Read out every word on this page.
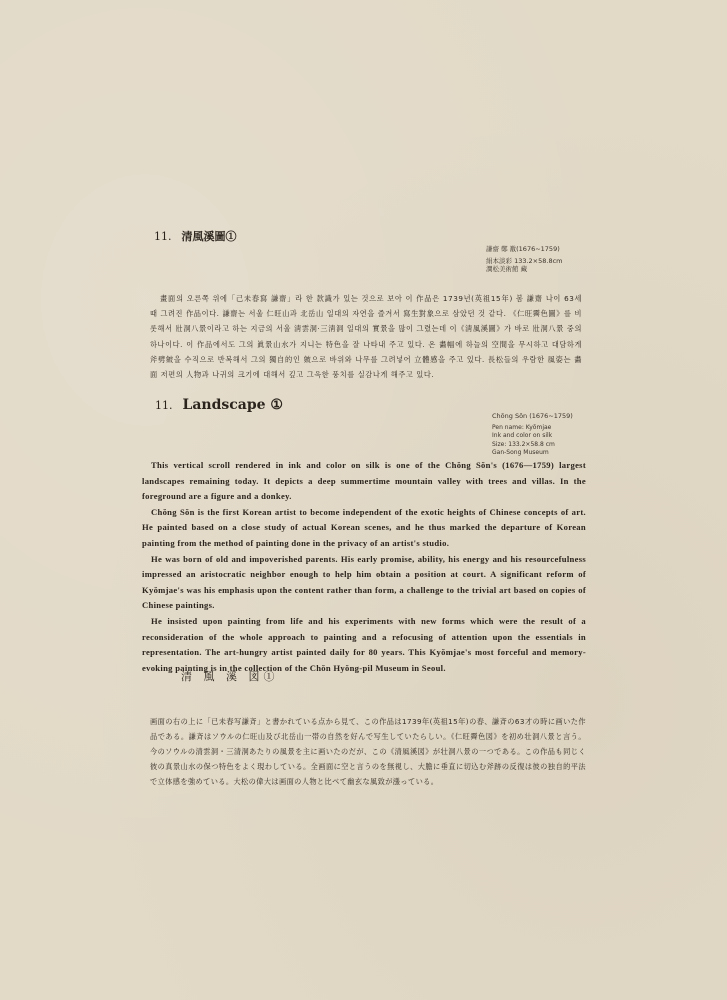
11. 清風溪圖①
謙齋 鄭 敾(1676~1759)
絹本淡彩 133.2×58.8cm
澗松美術館 藏
畫面의 오른쪽 위에「己未春寫 謙齋」라 한 款識가 있는 것으로 보아 이 作品은 1739년(英祖15年) 봄 謙齋 나이 63세 때 그려진 作品이다. 謙齋는 서울 仁旺山과 北岳山 일대의 자연을 즐겨서 寫生對象으로 삼았던 것 같다. 《仁旺霽色圖》를 비롯해서 壯洞八景이라고 하는 지금의 서울 淸雲洞·三淸洞 일대의 實景을 많이 그렸는데 이《淸風溪圖》가 바로 壯洞八景 중의 하나이다. 이 作品에서도 그의 眞景山水가 지니는 特色을 잘 나타내 주고 있다. 온 畵幅에 하늘의 空間을 무시하고 대담하게 斧劈皴을 수직으로 반복해서 그의 獨自的인 皴으로 바위와 나무를 그려넣어 立體感을 주고 있다. 長松들의 우람한 風姿는 畵面 저편의 人物과 나귀의 크기에 대해서 깊고 그윽한 풍치를 실감나게 해주고 있다.
11. Landscape ①
Chŏng Sŏn (1676~1759)
Pen name: Kyŏmjae
Ink and color on silk
Size: 133.2×58.8 cm
Gan-Song Museum

This vertical scroll rendered in ink and color on silk is one of the Chŏng Sŏn's (1676—1759) largest landscapes remaining today. It depicts a deep summertime mountain valley with trees and villas. In the foreground are a figure and a donkey.

Chŏng Sŏn is the first Korean artist to become independent of the exotic heights of Chinese concepts of art. He painted based on a close study of actual Korean scenes, and he thus marked the departure of Korean painting from the method of painting done in the privacy of an artist's studio.

He was born of old and impoverished parents. His early promise, ability, his energy and his resourcefulness impressed an aristocratic neighbor enough to help him obtain a position at court. A significant reform of Kyŏmjae's was his emphasis upon the content rather than form, a challenge to the trivial art based on copies of Chinese paintings.

He insisted upon painting from life and his experiments with new forms which were the result of a reconsideration of the whole approach to painting and a refocusing of attention upon the essentials in representation. The art-hungry artist painted daily for 80 years. This Kyŏmjae's most forceful and memory-evoking painting is in the collection of the Chŏn Hyŏng-pil Museum in Seoul.

清 風 溪 図①
画面の右の上に「已未春写謙斉」と書かれている点から見て、この作品は1739年(英祖15年)の春、謙斉の63才の時に画いた作品である。謙斉はソウルの仁旺山及び北岳山一帯の自然を好んで写生していたらしい。《仁旺霽色図》を初め壮洞八景と言う。今のソウルの清雲洞・三清洞あたりの風景を主に画いたのだが、この《清風溪図》が壮洞八景の一つである。この作品も同じく彼の真景山水の保つ特色をよく現わしている。全画面に空と言うのを無視し、大膽に垂直に切込む斧跡の反復は彼の独自的平法で立体感を強めている。大松の偉大は画面の人物と比べて幽玄な風致が漲っている。
